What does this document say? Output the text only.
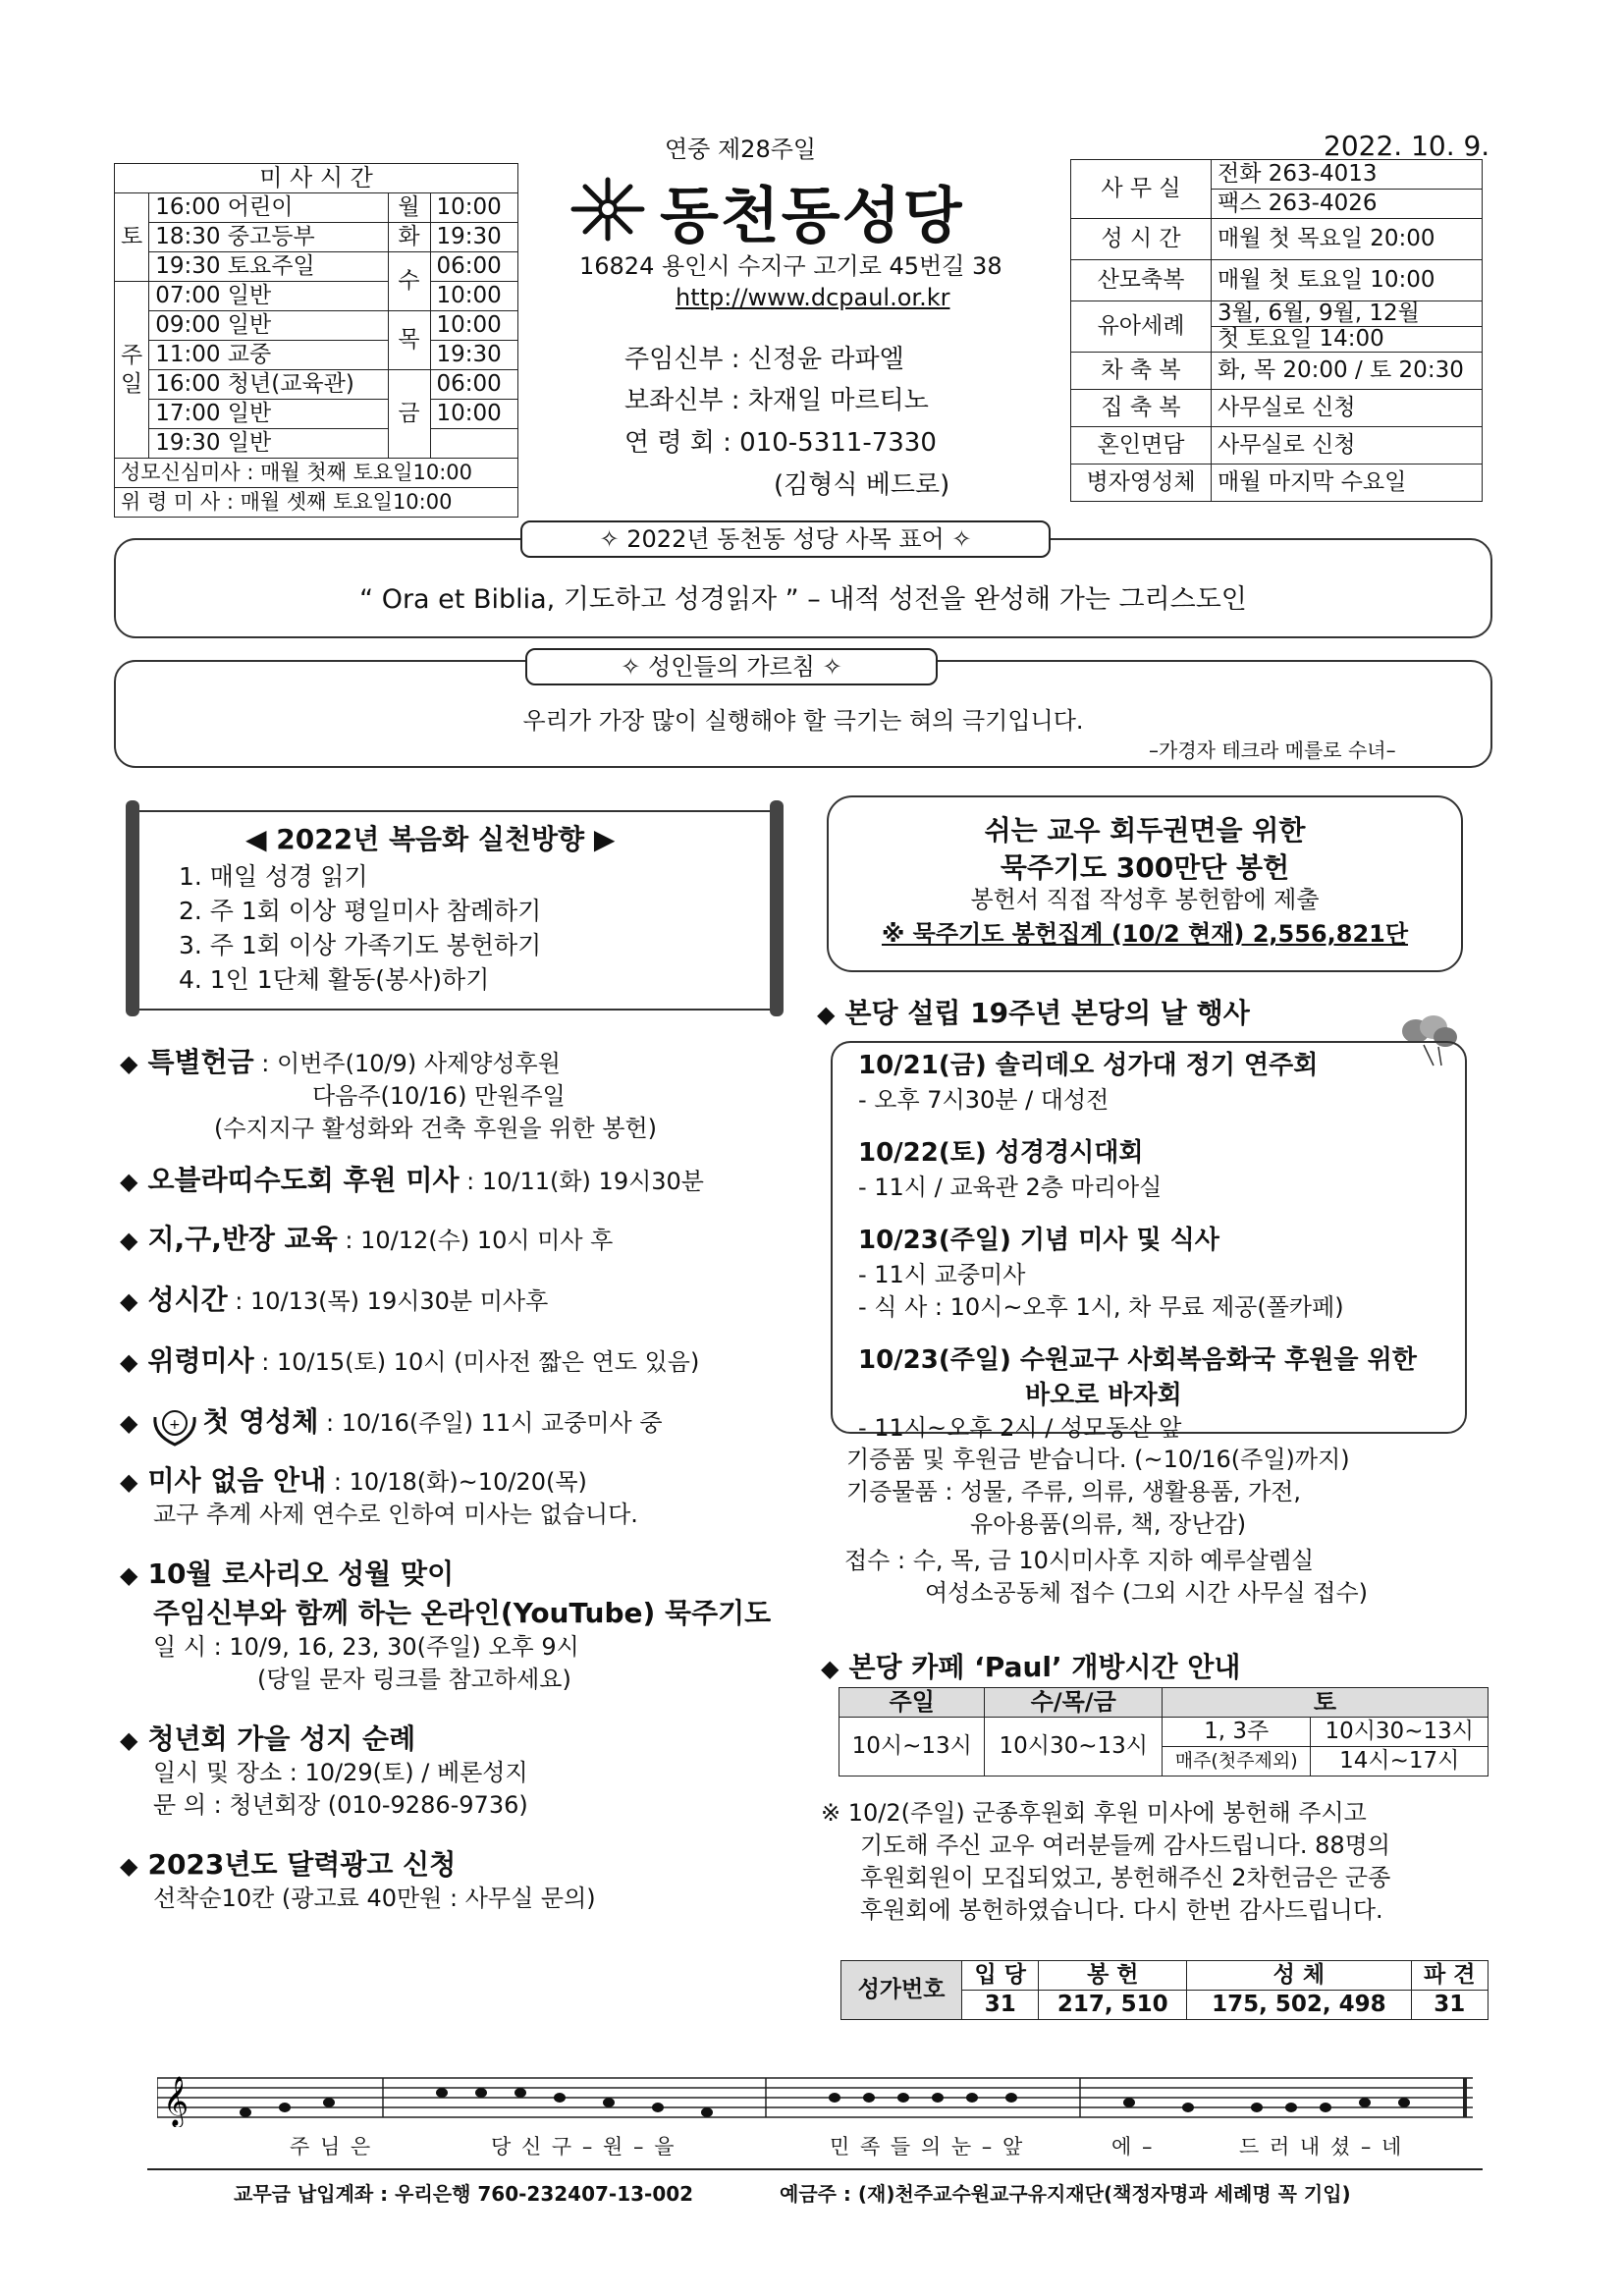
연중 제28주일	2022. 10. 9.
미 사 시 간			
토	16:00 어린이	월	10:00
	18:30 중고등부	화	19:30
	19:30 토요주일	수	06:00
주일	07:00 일반		10:00
	09:00 일반	목	10:00
	11:00 교중		19:30
	16:00 청년(교육관)	금	06:00
	17:00 일반		10:00
	19:30 일반		
성모신심미사 : 매월 첫째 토요일10:00			
위 령 미 사 : 매월 셋째 토요일10:00			
동천동성당
16824 용인시 수지구 고기로 45번길 38
http://www.dcpaul.or.kr
주임신부 : 신정윤 라파엘
보좌신부 : 차재일 마르티노
연 령 회 : 010-5311-7330
(김형식 베드로)
사 무 실	전화 263-4013
	팩스 263-4026
성 시 간	매월 첫 목요일 20:00
산모축복	매월 첫 토요일 10:00
유아세례	3월, 6월, 9월, 12월
	첫 토요일 14:00
차 축 복	화, 목 20:00 / 토 20:30
집 축 복	사무실로 신청
혼인면담	사무실로 신청
병자영성체	매월 마지막 수요일
✧ 2022년 동천동 성당 사목 표어 ✧
“ Ora et Biblia, 기도하고 성경읽자 ” – 내적 성전을 완성해 가는 그리스도인
✧ 성인들의 가르침 ✧
우리가 가장 많이 실행해야 할 극기는 혀의 극기입니다.
–가경자 테크라 메를로 수녀–
◀ 2022년 복음화 실천방향 ▶
1. 매일 성경 읽기
2. 주 1회 이상 평일미사 참례하기
3. 주 1회 이상 가족기도 봉헌하기
4. 1인 1단체 활동(봉사)하기
쉬는 교우 회두권면을 위한
묵주기도 300만단 봉헌
봉헌서 직접 작성후 봉헌함에 제출
※ 묵주기도 봉헌집계 (10/2 현재) 2,556,821단
◆ 특별헌금 : 이번주(10/9) 사제양성후원
다음주(10/16) 만원주일
(수지지구 활성화와 건축 후원을 위한 봉헌)
◆ 오블라띠수도회 후원 미사 : 10/11(화) 19시30분
◆ 지,구,반장 교육 : 10/12(수) 10시 미사 후
◆ 성시간 : 10/13(목) 19시30분 미사후
◆ 위령미사 : 10/15(토) 10시 (미사전 짧은 연도 있음)
◆ + 첫 영성체 : 10/16(주일) 11시 교중미사 중
◆ 미사 없음 안내 : 10/18(화)~10/20(목)
교구 추계 사제 연수로 인하여 미사는 없습니다.
◆ 10월 로사리오 성월 맞이
주임신부와 함께 하는 온라인(YouTube) 묵주기도
일 시 : 10/9, 16, 23, 30(주일) 오후 9시
(당일 문자 링크를 참고하세요)
◆ 청년회 가을 성지 순례
일시 및 장소 : 10/29(토) / 베론성지
문 의 : 청년회장 (010-9286-9736)
◆ 2023년도 달력광고 신청
선착순10칸 (광고료 40만원 : 사무실 문의)
◆ 본당 설립 19주년 본당의 날 행사
10/21(금) 솔리데오 성가대 정기 연주회
- 오후 7시30분 / 대성전
10/22(토) 성경경시대회
- 11시 / 교육관 2층 마리아실
10/23(주일) 기념 미사 및 식사
- 11시 교중미사
- 식 사 : 10시~오후 1시, 차 무료 제공(폴카페)
10/23(주일) 수원교구 사회복음화국 후원을 위한
바오로 바자회
- 11시~오후 2시 / 성모동산 앞
기증품 및 후원금 받습니다. (~10/16(주일)까지)
기증물품 : 성물, 주류, 의류, 생활용품, 가전,
유아용품(의류, 책, 장난감)
접수 : 수, 목, 금 10시미사후 지하 예루살렘실
여성소공동체 접수 (그외 시간 사무실 접수)
◆ 본당 카페 ‘Paul’ 개방시간 안내
주일	수/목/금	토	
10시~13시	10시30~13시	1, 3주	10시30~13시
		매주(첫주제외)	14시~17시
※ 10/2(주일) 군종후원회 후원 미사에 봉헌해 주시고
기도해 주신 교우 여러분들께 감사드립니다. 88명의
후원회원이 모집되었고, 봉헌해주신 2차헌금은 군종
후원회에 봉헌하였습니다. 다시 한번 감사드립니다.
성가번호	입 당	봉 헌	성 체	파 견
	31	217, 510	175, 502, 498	31
𝄞
주 님 은	당 신 구 – 원 – 을	민 족 들 의 눈 – 앞	에 –	드 러 내 셨 – 네
교무금 납입계좌 : 우리은행 760-232407-13-002	예금주 : (재)천주교수원교구유지재단(책정자명과 세례명 꼭 기입)
